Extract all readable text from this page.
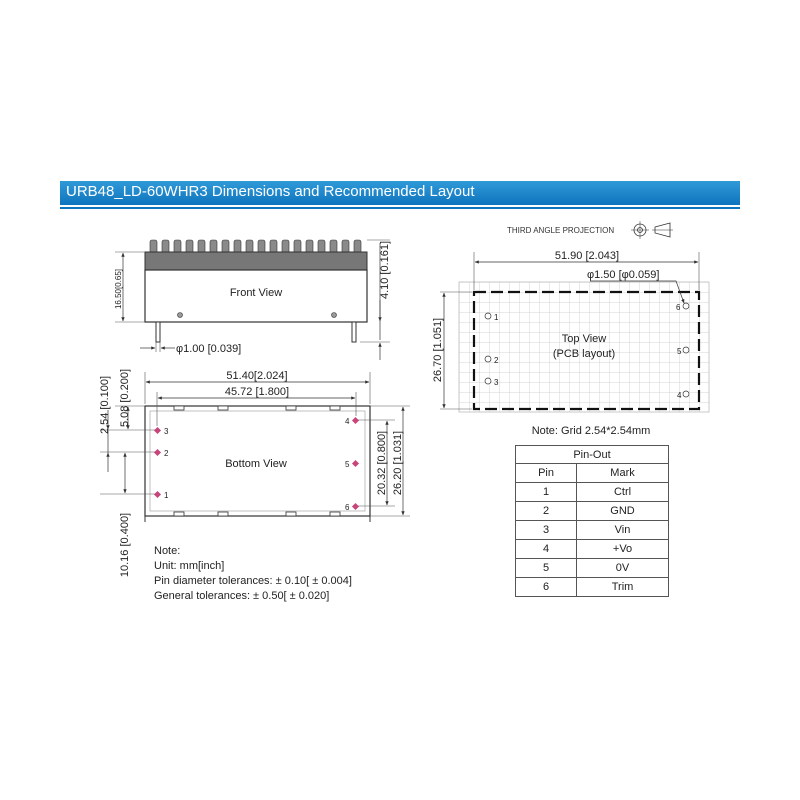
URB48_LD-60WHR3 Dimensions and Recommended Layout
THIRD ANGLE PROJECTION
Front View
16.50[0.65]	4.10 [0.161]
φ1.00 [0.039]
Bottom View
1
2
3
4
5
6
51.40[2.024]
45.72 [1.800]
2.54 [0.100] 5.08 [0.200]
10.16 [0.400]
20.32 [0.800] 26.20 [1.031]
Note:
Unit: mm[inch]
Pin diameter tolerances: ± 0.10[ ± 0.004]
General tolerances: ± 0.50[ ± 0.020]
Top View
(PCB layout)
1
2
3
4
5
6
51.90 [2.043]
φ1.50 [φ0.059]
26.70 [1.051]
Note: Grid 2.54*2.54mm
Pin-Out	
Pin	Mark
1	Ctrl
2	GND
3	Vin
4	+Vo
5	0V
6	Trim
